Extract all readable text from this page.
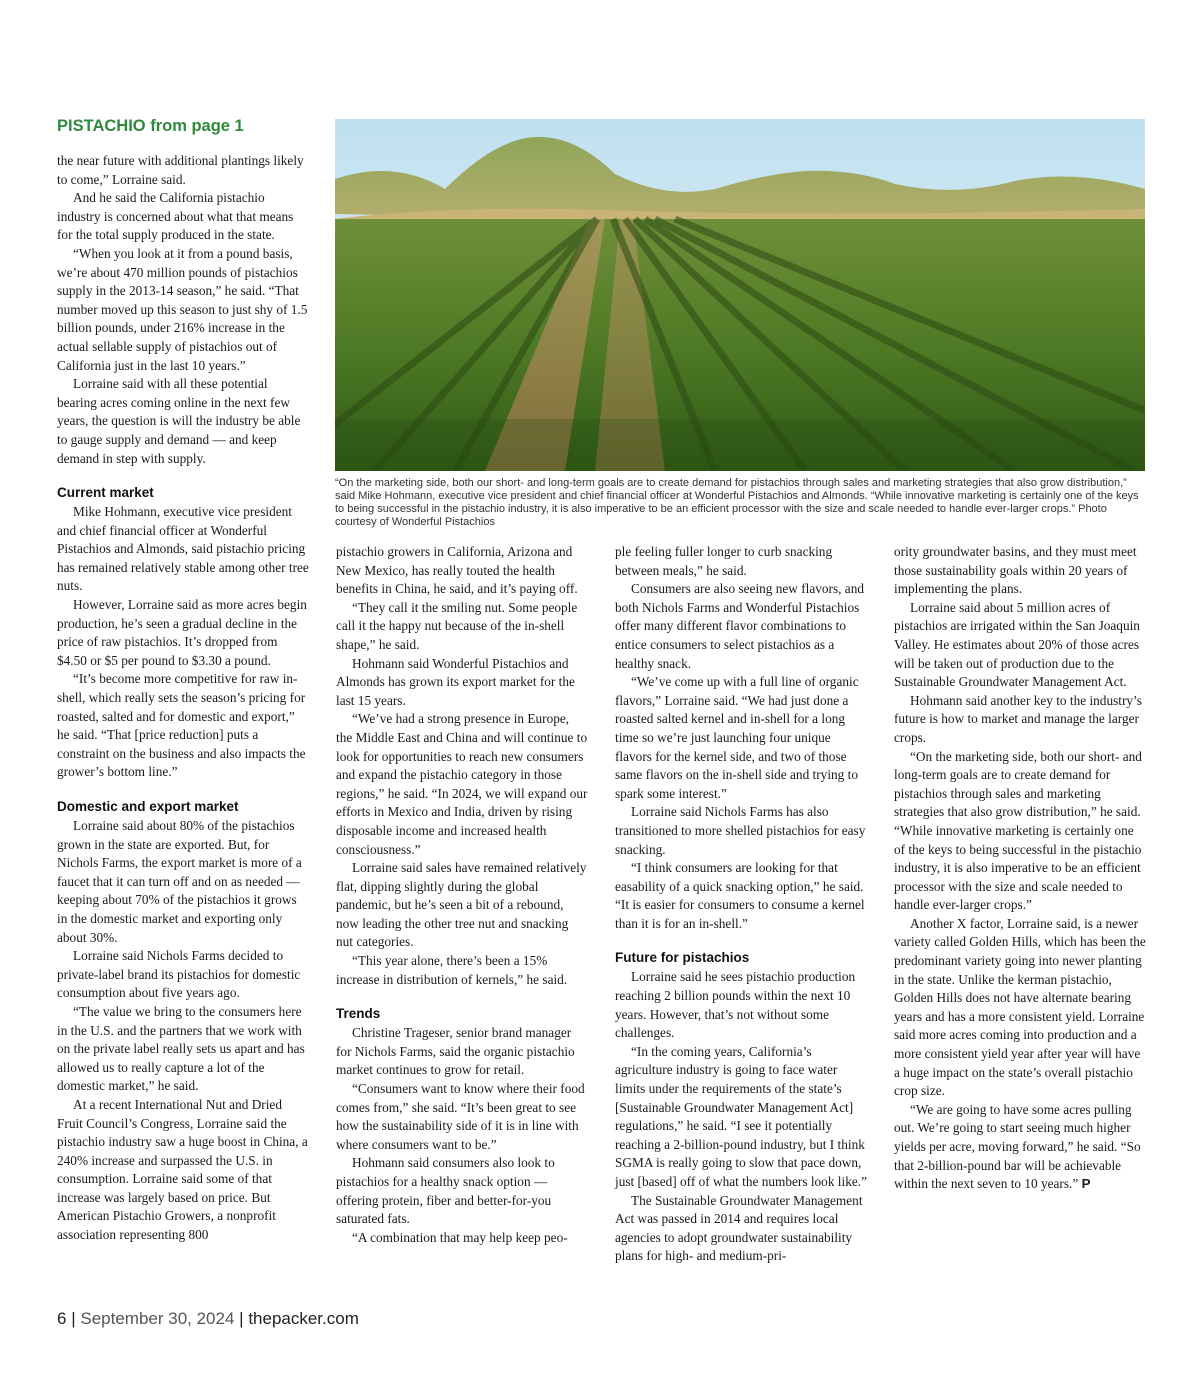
PISTACHIO from page 1

the near future with additional plantings likely to come,” Lorraine said.

And he said the California pistachio industry is concerned about what that means for the total supply produced in the state.

“When you look at it from a pound basis, we’re about 470 million pounds of pistachios supply in the 2013-14 season,” he said. “That number moved up this season to just shy of 1.5 billion pounds, under 216% increase in the actual sellable supply of pistachios out of California just in the last 10 years.”

Lorraine said with all these potential bearing acres coming online in the next few years, the question is will the industry be able to gauge supply and demand — and keep demand in step with supply.

Current market

Mike Hohmann, executive vice president and chief financial officer at Wonderful Pistachios and Almonds, said pistachio pricing has remained relatively stable among other tree nuts.

However, Lorraine said as more acres begin production, he’s seen a gradual decline in the price of raw pistachios. It’s dropped from $4.50 or $5 per pound to $3.30 a pound.

“It’s become more competitive for raw in-shell, which really sets the season’s pricing for roasted, salted and for domestic and export,” he said. “That [price reduction] puts a constraint on the business and also impacts the grower’s bottom line.”

Domestic and export market

Lorraine said about 80% of the pistachios grown in the state are exported. But, for Nichols Farms, the export market is more of a faucet that it can turn off and on as needed — keeping about 70% of the pistachios it grows in the domestic market and exporting only about 30%.

Lorraine said Nichols Farms decided to private-label brand its pistachios for domestic consumption about five years ago.

“The value we bring to the consumers here in the U.S. and the partners that we work with on the private label really sets us apart and has allowed us to really capture a lot of the domestic market,” he said.

At a recent International Nut and Dried Fruit Council’s Congress, Lorraine said the pistachio industry saw a huge boost in China, a 240% increase and surpassed the U.S. in consumption. Lorraine said some of that increase was largely based on price. But American Pistachio Growers, a nonprofit association representing 800

“On the marketing side, both our short- and long-term goals are to create demand for pistachios through sales and marketing strategies that also grow distribution,” said Mike Hohmann, executive vice president and chief financial officer at Wonderful Pistachios and Almonds. “While innovative marketing is certainly one of the keys to being successful in the pistachio industry, it is also imperative to be an efficient processor with the size and scale needed to handle ever-larger crops.” Photo courtesy of Wonderful Pistachios

pistachio growers in California, Arizona and New Mexico, has really touted the health benefits in China, he said, and it’s paying off.

“They call it the smiling nut. Some people call it the happy nut because of the in-shell shape,” he said.

Hohmann said Wonderful Pistachios and Almonds has grown its export market for the last 15 years.

“We’ve had a strong presence in Europe, the Middle East and China and will continue to look for opportunities to reach new consumers and expand the pistachio category in those regions,” he said. “In 2024, we will expand our efforts in Mexico and India, driven by rising disposable income and increased health consciousness.”

Lorraine said sales have remained relatively flat, dipping slightly during the global pandemic, but he’s seen a bit of a rebound, now leading the other tree nut and snacking nut categories.

“This year alone, there’s been a 15% increase in distribution of kernels,” he said.

Trends

Christine Trageser, senior brand manager for Nichols Farms, said the organic pistachio market continues to grow for retail.

“Consumers want to know where their food comes from,” she said. “It’s been great to see how the sustainability side of it is in line with where consumers want to be.”

Hohmann said consumers also look to pistachios for a healthy snack option — offering protein, fiber and better-for-you saturated fats.

“A combination that may help keep peo-

ple feeling fuller longer to curb snacking between meals,” he said.

Consumers are also seeing new flavors, and both Nichols Farms and Wonderful Pistachios offer many different flavor combinations to entice consumers to select pistachios as a healthy snack.

“We’ve come up with a full line of organic flavors,” Lorraine said. “We had just done a roasted salted kernel and in-shell for a long time so we’re just launching four unique flavors for the kernel side, and two of those same flavors on the in-shell side and trying to spark some interest.”

Lorraine said Nichols Farms has also transitioned to more shelled pistachios for easy snacking.

“I think consumers are looking for that easability of a quick snacking option,” he said. “It is easier for consumers to consume a kernel than it is for an in-shell.”

Future for pistachios

Lorraine said he sees pistachio production reaching 2 billion pounds within the next 10 years. However, that’s not without some challenges.

“In the coming years, California’s agriculture industry is going to face water limits under the requirements of the state’s [Sustainable Groundwater Management Act] regulations,” he said. “I see it potentially reaching a 2-billion-pound industry, but I think SGMA is really going to slow that pace down, just [based] off of what the numbers look like.”

The Sustainable Groundwater Management Act was passed in 2014 and requires local agencies to adopt groundwater sustainability plans for high- and medium-pri-

ority groundwater basins, and they must meet those sustainability goals within 20 years of implementing the plans.

Lorraine said about 5 million acres of pistachios are irrigated within the San Joaquin Valley. He estimates about 20% of those acres will be taken out of production due to the Sustainable Groundwater Management Act.

Hohmann said another key to the industry’s future is how to market and manage the larger crops.

“On the marketing side, both our short- and long-term goals are to create demand for pistachios through sales and marketing strategies that also grow distribution,” he said. “While innovative marketing is certainly one of the keys to being successful in the pistachio industry, it is also imperative to be an efficient processor with the size and scale needed to handle ever-larger crops.”

Another X factor, Lorraine said, is a newer variety called Golden Hills, which has been the predominant variety going into newer planting in the state. Unlike the kerman pistachio, Golden Hills does not have alternate bearing years and has a more consistent yield. Lorraine said more acres coming into production and a more consistent yield year after year will have a huge impact on the state’s overall pistachio crop size.

“We are going to have some acres pulling out. We’re going to start seeing much higher yields per acre, moving forward,” he said. “So that 2-billion-pound bar will be achievable within the next seven to 10 years.” P

6 | September 30, 2024 | thepacker.com
